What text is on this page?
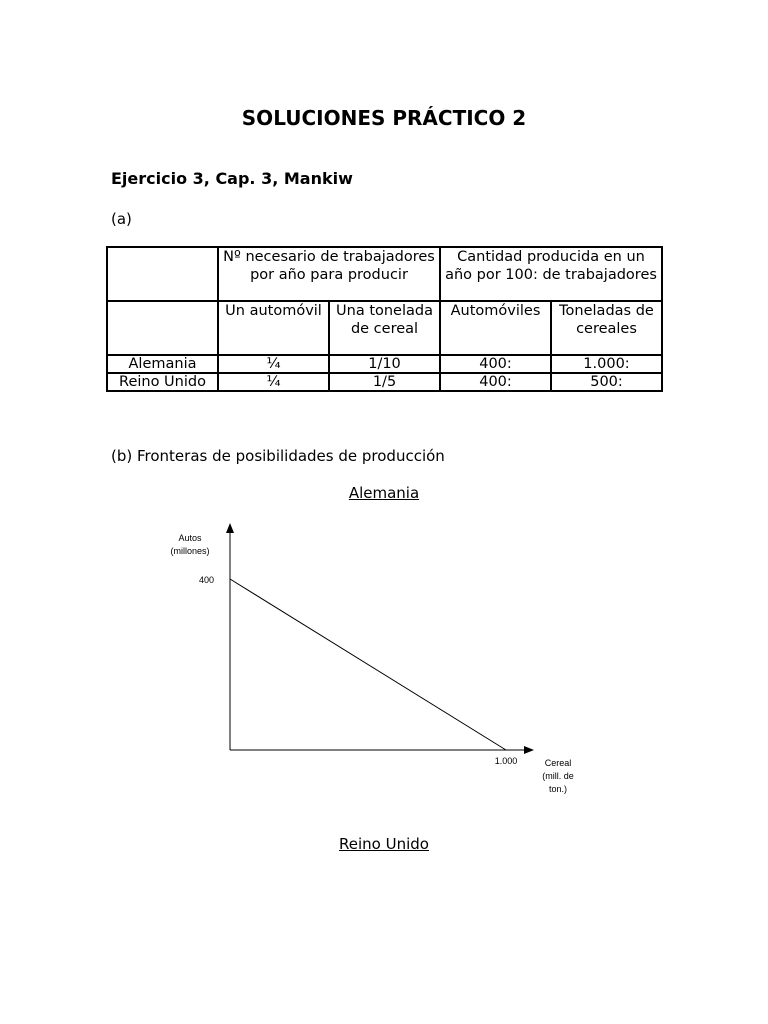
SOLUCIONES PRÁCTICO 2
Ejercicio 3, Cap. 3, Mankiw
(a)
	Nº necesario de trabajadores por año para producir		Cantidad producida en un año por 100: de trabajadores	
	Un automóvil	Una tonelada de cereal	Automóviles	Toneladas de cereales
Alemania	¼	1/10	400:	1.000:
Reino Unido	¼	1/5	400:	500:
(b) Fronteras de posibilidades de producción
Alemania
Autos
(millones)
400
1.000	Cereal
(mill. de
ton.)
Reino Unido
